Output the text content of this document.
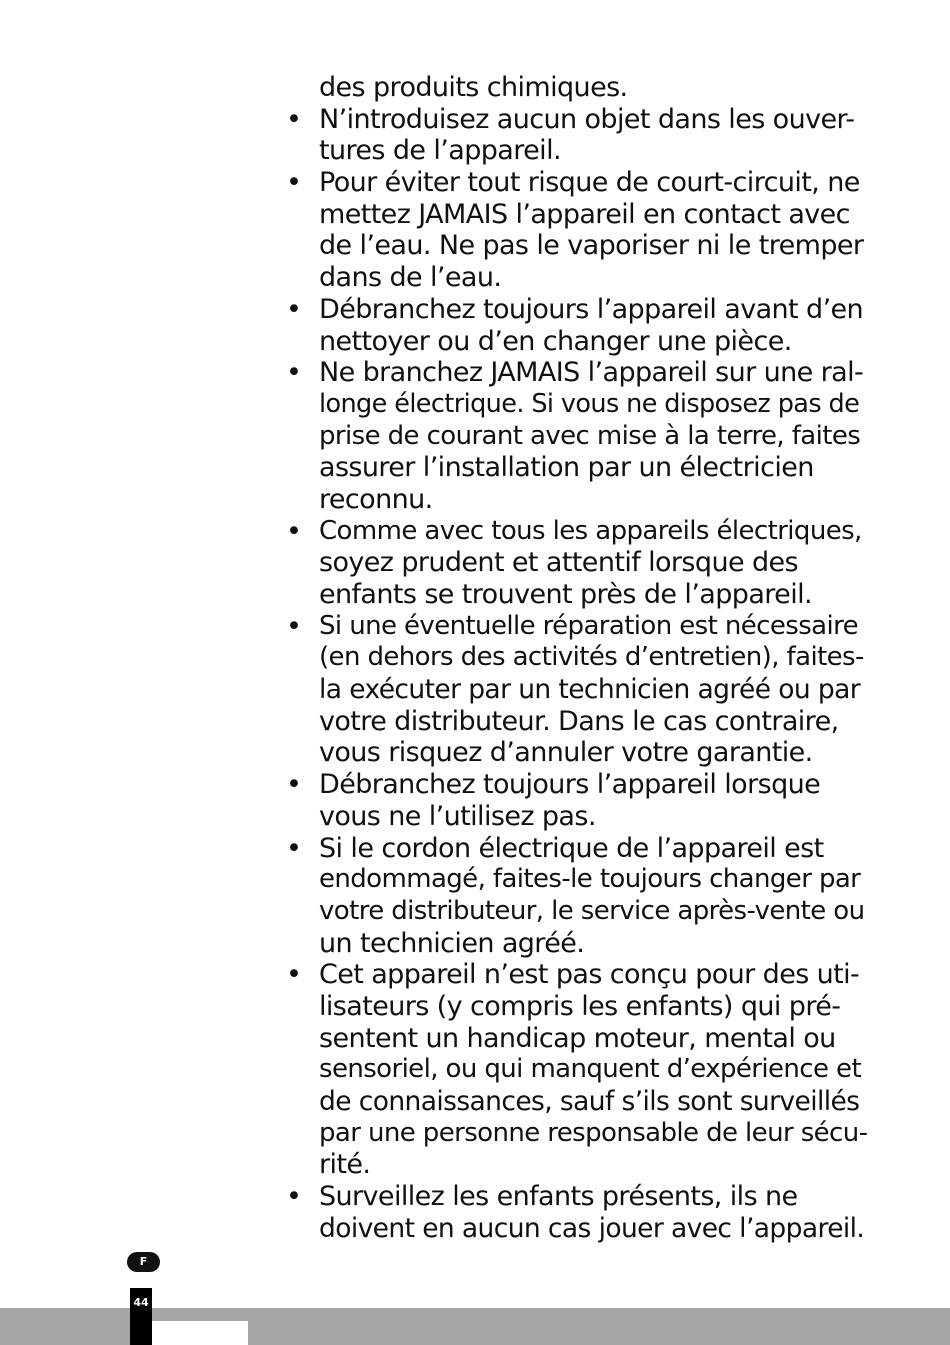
des produits chimiques.
• N’introduisez aucun objet dans les ouver-
tures de l’appareil.
• Pour éviter tout risque de court-circuit, ne
mettez JAMAIS l’appareil en contact avec
de l’eau. Ne pas le vaporiser ni le tremper
dans de l’eau.
• Débranchez toujours l’appareil avant d’en
nettoyer ou d’en changer une pièce.
• Ne branchez JAMAIS l’appareil sur une ral-
longe électrique. Si vous ne disposez pas de
prise de courant avec mise à la terre, faites
assurer l’installation par un électricien
reconnu.
• Comme avec tous les appareils électriques,
soyez prudent et attentif lorsque des
enfants se trouvent près de l’appareil.
• Si une éventuelle réparation est nécessaire
(en dehors des activités d’entretien), faites-
la exécuter par un technicien agréé ou par
votre distributeur. Dans le cas contraire,
vous risquez d’annuler votre garantie.
• Débranchez toujours l’appareil lorsque
vous ne l’utilisez pas.
• Si le cordon électrique de l’appareil est
endommagé, faites-le toujours changer par
votre distributeur, le service après-vente ou
un technicien agréé.
• Cet appareil n’est pas conçu pour des uti-
lisateurs (y compris les enfants) qui pré-
sentent un handicap moteur, mental ou
sensoriel, ou qui manquent d’expérience et
de connaissances, sauf s’ils sont surveillés
par une personne responsable de leur sécu-
rité.
• Surveillez les enfants présents, ils ne
doivent en aucun cas jouer avec l’appareil.
F
44
